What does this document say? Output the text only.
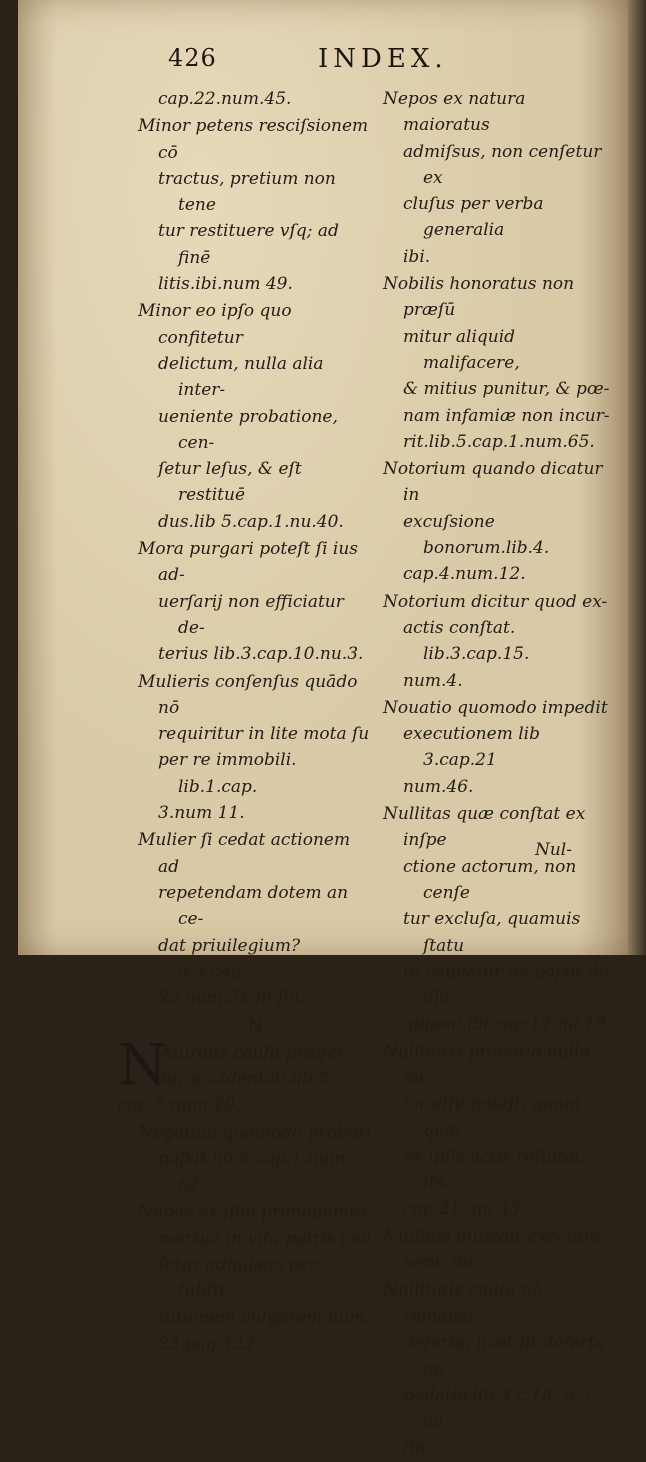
426	INDEX.
cap.22.num.45.
Minor petens resciſsionem cō
tractus, pretium non tene
tur restituere vſq; ad finē
litis.ibi.num 49.
Minor eo ipſo quo confitetur
delictum, nulla alia inter-
ueniente probatione, cen-
ſetur leſus, & eſt restituē
dus.lib 5.cap.1.nu.40.
Mora purgari poteſt ſi ius ad-
uerſarij non efficiatur de-
terius lib.3.cap.10.nu.3.
Mulieris conſenſus quādo nō
requiritur in lite mota ſu
per re immobili. lib.1.cap.
3.num 11.
Mulier ſi cedat actionem ad
repetendam dotem an ce-
dat priuilegium? li.3.cap.
22.num.51.in fin.
N
N
Aturalis cauſa præfer-
tur accidentali.lib.2.
cap.3.num.20.
Negatiua quomodo probari
poſsit lib.5 cap.1.num 62.
Nepos ex filio primogenito
mortuo in vita patris cen
ſetur admiſsus per ſubſti-
tutionem vulgarem.num.
25.pag.122.
Nepos ex natura maioratus
admiſsus, non cenſetur ex
cluſus per verba generalia
ibi.
Nobilis honoratus non præſū
mitur aliquid malifacere,
& mitius punitur, & pœ-
nam infamiæ non incur-
rit.lib.5.cap.1.num.65.
Notorium quando dicatur in
excuſsione bonorum.lib.4.
cap.4.num.12.
Notorium dicitur quod ex-
actis conſtat. lib.3.cap.15.
num.4.
Nouatio quomodo impedit
executionem lib 3.cap.21
num.46.
Nullitas quæ conſtat ex inſpe
ctione actorum, non cenſe
tur excluſa, quamuis ſtatu
to caueatur nē poſsit de illa
opponi.ibi.cap.12.nu.18.
Nullitatis probatio nulla ma-
ior eſſe poteſt, quam quæ
ex ipſis actis reſultat. ibi.
cap.21. nu.43.
Nullitas impedit executio-
nem. ibi.
Nullitatis cauſa nō remanet
deſerta, licet ſit deſerta ap
pellatio.lib.3.c.18. n.5. ad
fin.
Nul-
